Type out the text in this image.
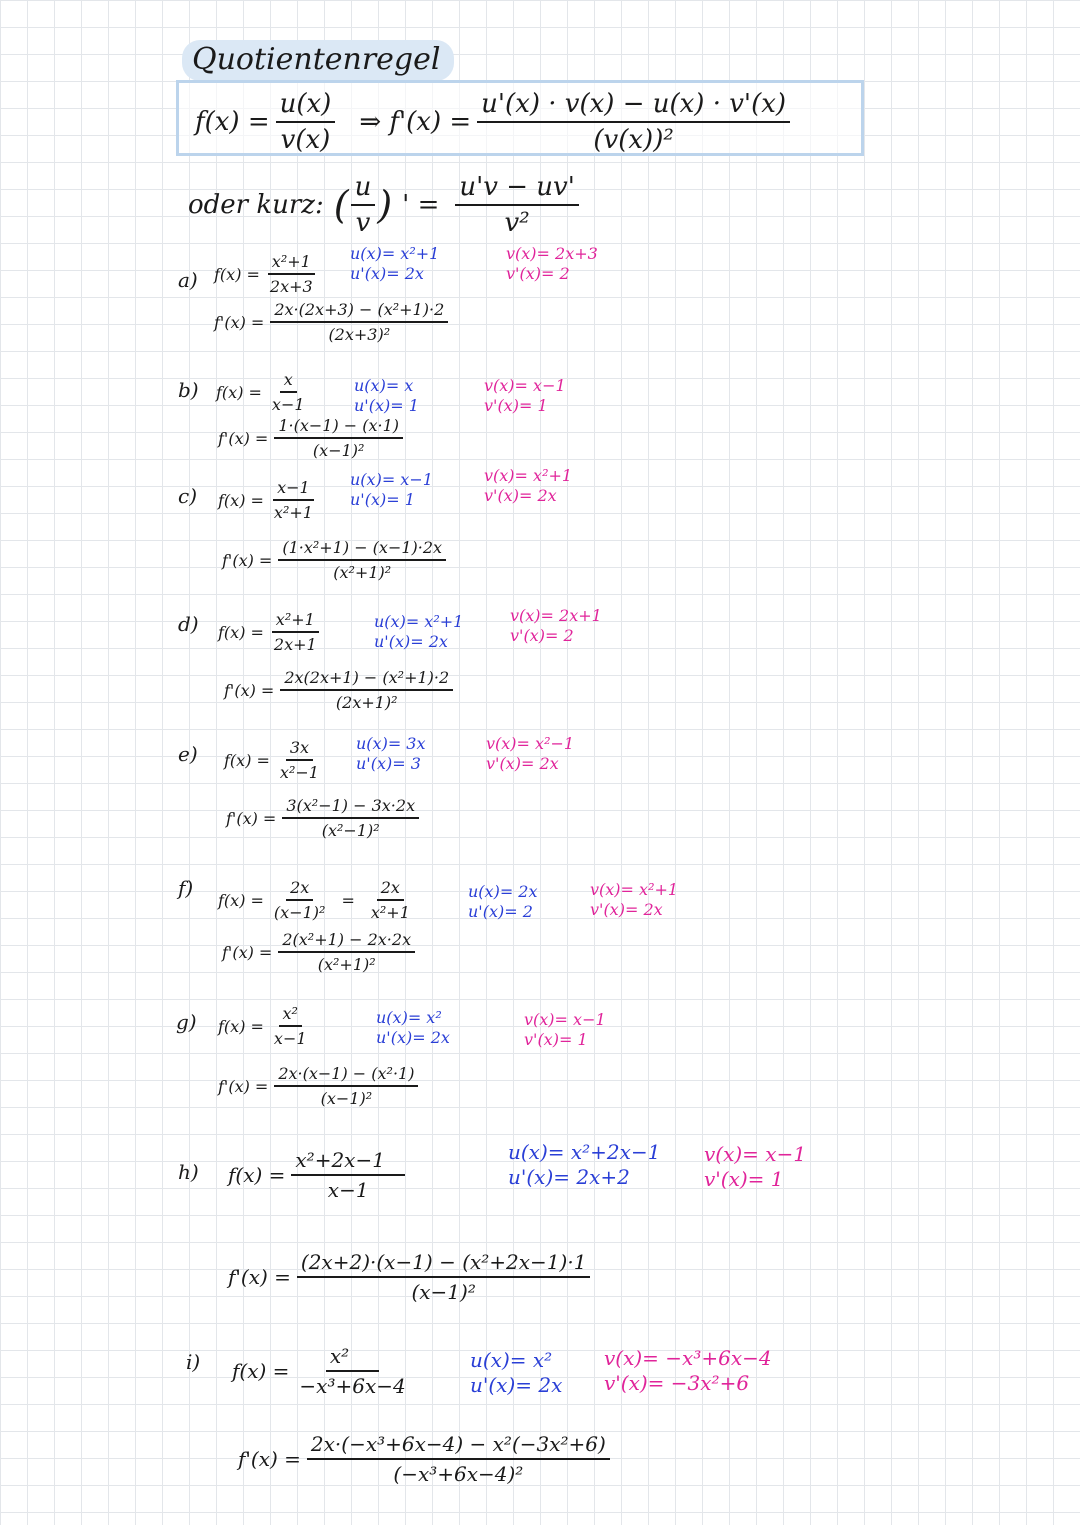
Quotientenregel
$f(x) = \frac{u(x)}{v(x)}$ ⇒ $f'(x) = \frac{u'(x) \cdot v(x) - u(x) \cdot v'(x)}{\text{(v(x))²}}$
oder kurz: ( $\frac{u}{v}$ ) ' = $\frac{u'v - uv'}{\text{v²}}$
a) $f(x) = \frac{\text{x²+1}}{2x+3} u(x)= x^2+1$
u'(x)= 2x
v(x)= 2x+3
v'(x)= 2
$f'(x) = \frac{\text{2x·(2x+3) − (x²+1)·2}}{\text{(2x+3)²}}$
b) $f(x) = \frac{x}{x-1}$	u(x)= x
u'(x)= 1
v(x)= x−1
v'(x)= 1
$f'(x) = \frac{1\cdot(x-1) - (x\cdot 1)}{\text{(x−1)²}}$
c) $f(x) = \frac{x-1}{\text{x²+1}} u(x)= x-1$
u'(x)= 1
v(x)= x²+1
v'(x)= 2x
$f'(x) = \frac{\text{(1·x²+1) − (x−1)·2x}}{\text{(x²+1)²}}$
d) $f(x) = \frac{\text{x²+1}}{2x+1}$	u(x)= x²+1
u'(x)= 2x
v(x)= 2x+1
v'(x)= 2
$f'(x) = \frac{\text{2x(2x+1) − (x²+1)·2}}{\text{(2x+1)²}}$
e) $f(x) = \frac{3x}{\text{x²−1}} u(x)= 3x$
u'(x)= 3
v(x)= x²−1
v'(x)= 2x
$f'(x) = \frac{\text{3(x²−1) − 3x·2x}}{\text{(x²−1)²}}$
f) $f(x) = \frac{2x}{\text{(x−1)²}} = \frac{2x}{\text{x²+1}}$	u(x)= 2x
u'(x)= 2
v(x)= x²+1
v'(x)= 2x
$f'(x) = \frac{\text{2(x²+1) − 2x·2x}}{\text{(x²+1)²}}$
g) $f(x) = \frac{\text{x²}}{x-1}$	u(x)= x²
u'(x)= 2x
v(x)= x−1
v'(x)= 1
$f'(x) = \frac{\text{2x·(x−1) − (x²·1)}}{\text{(x−1)²}}$
h) $f(x) = \frac{\text{x²+2x−1}}{x-1}$	u(x)= x²+2x−1
u'(x)= 2x+2
v(x)= x−1
v'(x)= 1
$f'(x) = \frac{\text{(2x+2)·(x−1) − (x²+2x−1)·1}}{\text{(x−1)²}}$
i) $f(x) = \frac{\text{x²}}{\text{−x³+6x−4}}$	u(x)= x²
u'(x)= 2x
v(x)= −x³+6x−4
v'(x)= −3x²+6
$f'(x) = \frac{\text{2x·(−x³+6x−4) − x²(−3x²+6)}}{\text{(−x³+6x−4)²}}$
